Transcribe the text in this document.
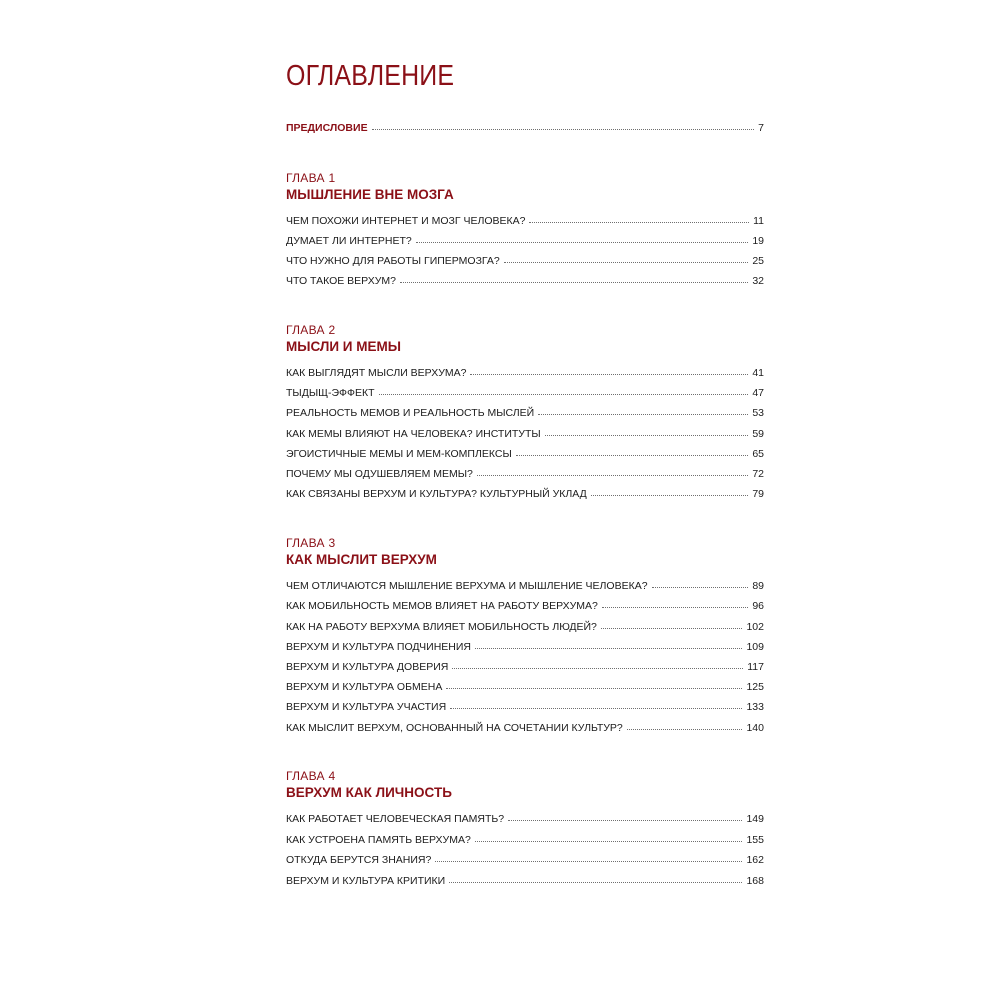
ОГЛАВЛЕНИЕ
ПРЕДИСЛОВИЕ	7
ГЛАВА 1
МЫШЛЕНИЕ ВНЕ МОЗГА
ЧЕМ ПОХОЖИ ИНТЕРНЕТ И МОЗГ ЧЕЛОВЕКА?	11
ДУМАЕТ ЛИ ИНТЕРНЕТ?	19
ЧТО НУЖНО ДЛЯ РАБОТЫ ГИПЕРМОЗГА?	25
ЧТО ТАКОЕ ВЕРХУМ?	32
ГЛАВА 2
МЫСЛИ И МЕМЫ
КАК ВЫГЛЯДЯТ МЫСЛИ ВЕРХУМА?	41
ТЫДЫЩ-ЭФФЕКТ	47
РЕАЛЬНОСТЬ МЕМОВ И РЕАЛЬНОСТЬ МЫСЛЕЙ	53
КАК МЕМЫ ВЛИЯЮТ НА ЧЕЛОВЕКА? ИНСТИТУТЫ	59
ЭГОИСТИЧНЫЕ МЕМЫ И МЕМ-КОМПЛЕКСЫ	65
ПОЧЕМУ МЫ ОДУШЕВЛЯЕМ МЕМЫ?	72
КАК СВЯЗАНЫ ВЕРХУМ И КУЛЬТУРА? КУЛЬТУРНЫЙ УКЛАД	79
ГЛАВА 3
КАК МЫСЛИТ ВЕРХУМ
ЧЕМ ОТЛИЧАЮТСЯ МЫШЛЕНИЕ ВЕРХУМА И МЫШЛЕНИЕ ЧЕЛОВЕКА?	89
КАК МОБИЛЬНОСТЬ МЕМОВ ВЛИЯЕТ НА РАБОТУ ВЕРХУМА?	96
КАК НА РАБОТУ ВЕРХУМА ВЛИЯЕТ МОБИЛЬНОСТЬ ЛЮДЕЙ?	102
ВЕРХУМ И КУЛЬТУРА ПОДЧИНЕНИЯ	109
ВЕРХУМ И КУЛЬТУРА ДОВЕРИЯ	117
ВЕРХУМ И КУЛЬТУРА ОБМЕНА	125
ВЕРХУМ И КУЛЬТУРА УЧАСТИЯ	133
КАК МЫСЛИТ ВЕРХУМ, ОСНОВАННЫЙ НА СОЧЕТАНИИ КУЛЬТУР?	140
ГЛАВА 4
ВЕРХУМ КАК ЛИЧНОСТЬ
КАК РАБОТАЕТ ЧЕЛОВЕЧЕСКАЯ ПАМЯТЬ?	149
КАК УСТРОЕНА ПАМЯТЬ ВЕРХУМА?	155
ОТКУДА БЕРУТСЯ ЗНАНИЯ?	162
ВЕРХУМ И КУЛЬТУРА КРИТИКИ	168
